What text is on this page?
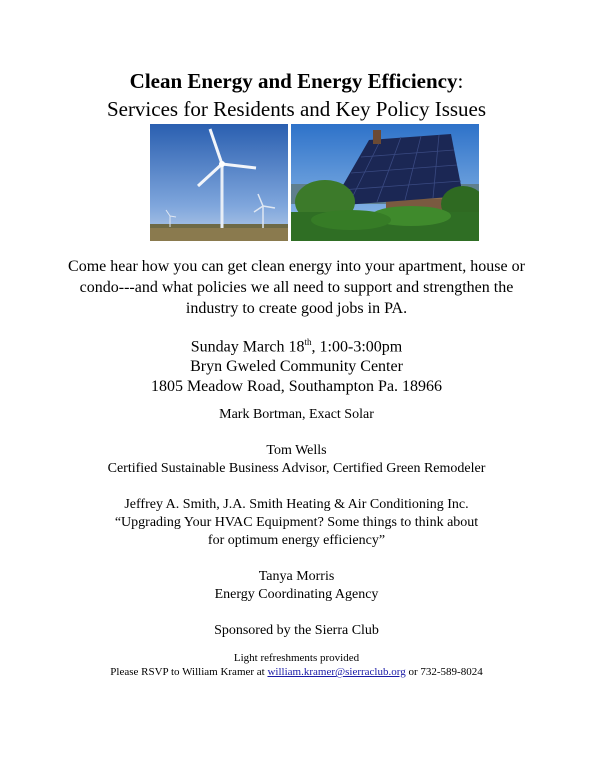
Clean Energy and Energy Efficiency:
Services for Residents and Key Policy Issues
Come hear how you can get clean energy into your apartment, house or condo---and what policies we all need to support and strengthen the industry to create good jobs in PA.
Sunday March 18th, 1:00-3:00pm
Bryn Gweled Community Center
1805 Meadow Road, Southampton Pa. 18966

Mark Bortman, Exact Solar

Tom Wells

Certified Sustainable Business Advisor, Certified Green Remodeler

Jeffrey A. Smith, J.A. Smith Heating & Air Conditioning Inc.

“Upgrading Your HVAC Equipment? Some things to think about

for optimum energy efficiency”

Tanya Morris

Energy Coordinating Agency

Sponsored by the Sierra Club

Light refreshments provided
Please RSVP to William Kramer at william.kramer@sierraclub.org or 732-589-8024
